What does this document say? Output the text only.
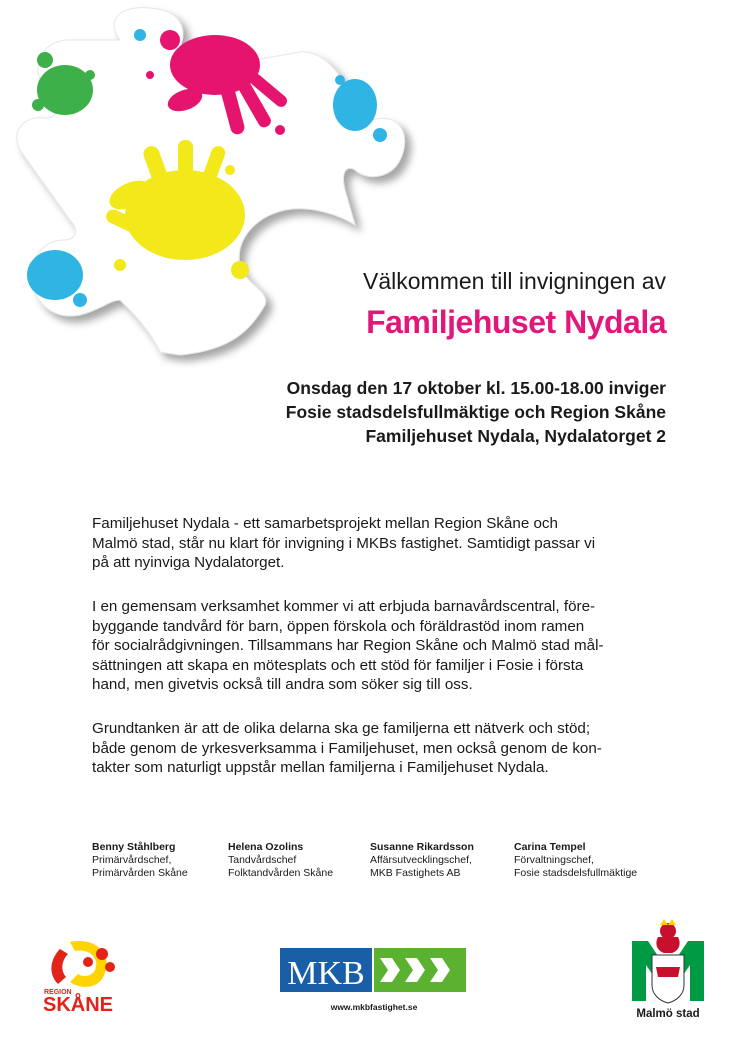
Välkommen till invigningen av
Familjehuset Nydala
Onsdag den 17 oktober kl. 15.00-18.00 inviger
Fosie stadsdelsfullmäktige och Region Skåne
Familjehuset Nydala, Nydalatorget 2
Familjehuset Nydala - ett samarbetsprojekt mellan Region Skåne och
Malmö stad, står nu klart för invigning i MKBs fastighet. Samtidigt passar vi
på att nyinviga Nydalatorget.
I en gemensam verksamhet kommer vi att erbjuda barnavårdscentral, före-
byggande tandvård för barn, öppen förskola och föräldrastöd inom ramen
för socialrådgivningen. Tillsammans har Region Skåne och Malmö stad mål-
sättningen att skapa en mötesplats och ett stöd för familjer i Fosie i första
hand, men givetvis också till andra som söker sig till oss.
Grundtanken är att de olika delarna ska ge familjerna ett nätverk och stöd;
både genom de yrkesverksamma i Familjehuset, men också genom de kon-
takter som naturligt uppstår mellan familjerna i Familjehuset Nydala.
Benny Ståhlberg
Primärvårdschef,
Primärvården Skåne
Helena Ozolins
Tandvårdschef
Folktandvården Skåne
Susanne Rikardsson
Affärsutvecklingschef,
MKB Fastighets AB
Carina Tempel
Förvaltningschef,
Fosie stadsdelsfullmäktige
REGION
SKÅNE
MKB
www.mkbfastighet.se
Malmö stad
